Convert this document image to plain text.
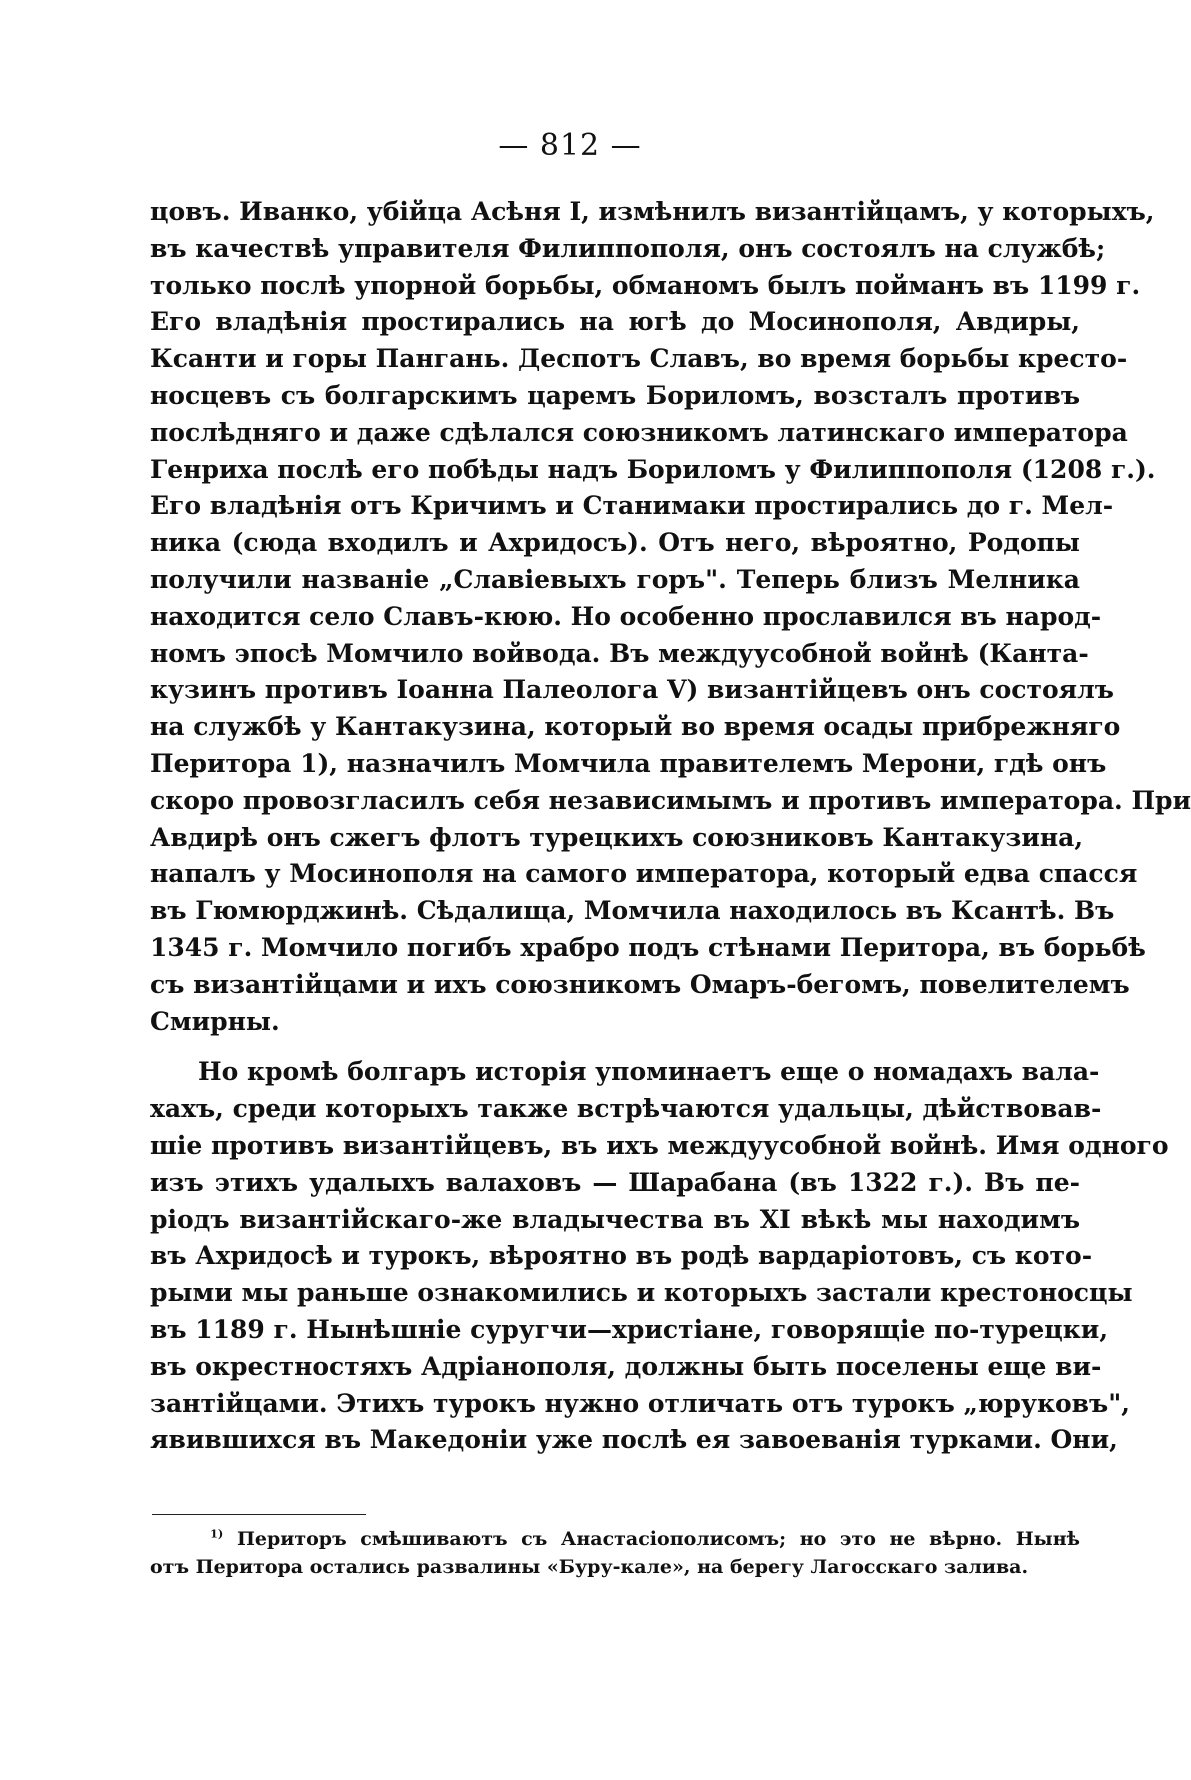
— 812 —
цовъ. Иванко, убійца Асѣня I, измѣнилъ византійцамъ, у которыхъ,
въ качествѣ управителя Филиппополя, онъ состоялъ на службѣ;
только послѣ упорной борьбы, обманомъ былъ пойманъ въ 1199 г.
Его владѣнія простирались на югѣ до Мосинополя, Авдиры,
Ксанти и горы Пангань. Деспотъ Славъ, во время борьбы кресто-
носцевъ съ болгарскимъ царемъ Бориломъ, возсталъ противъ
послѣдняго и даже сдѣлался союзникомъ латинскаго императора
Генриха послѣ его побѣды надъ Бориломъ у Филиппополя (1208 г.).
Его владѣнія отъ Кричимъ и Станимаки простирались до г. Мел-
ника (сюда входилъ и Ахридосъ). Отъ него, вѣроятно, Родопы
получили названіе „Славіевыхъ горъ". Теперь близъ Мелника
находится село Славъ-кюю. Но особенно прославился въ народ-
номъ эпосѣ Момчило войвода. Въ междуусобной войнѣ (Канта-
кузинъ противъ Іоанна Палеолога V) византійцевъ онъ состоялъ
на службѣ у Кантакузина, который во время осады прибрежняго
Перитора 1), назначилъ Момчила правителемъ Мерони, гдѣ онъ
скоро провозгласилъ себя независимымъ и противъ императора. При
Авдирѣ онъ сжегъ флотъ турецкихъ союзниковъ Кантакузина,
напалъ у Мосинополя на самого императора, который едва спасся
въ Гюмюрджинѣ. Сѣдалища, Момчила находилось въ Ксантѣ. Въ
1345 г. Момчило погибъ храбро подъ стѣнами Перитора, въ борьбѣ
съ византійцами и ихъ союзникомъ Омаръ-бегомъ, повелителемъ
Смирны.
Но кромѣ болгаръ исторія упоминаетъ еще о номадахъ вала-
хахъ, среди которыхъ также встрѣчаются удальцы, дѣйствовав-
шіе противъ византійцевъ, въ ихъ междуусобной войнѣ. Имя одного
изъ этихъ удалыхъ валаховъ — Шарабана (въ 1322 г.). Въ пе-
ріодъ византійскаго-же владычества въ XI вѣкѣ мы находимъ
въ Ахридосѣ и турокъ, вѣроятно въ родѣ вардаріотовъ, съ кото-
рыми мы раньше ознакомились и которыхъ застали крестоносцы
въ 1189 г. Нынѣшніе суругчи—христіане, говорящіе по-турецки,
въ окрестностяхъ Адріанополя, должны быть поселены еще ви-
зантійцами. Этихъ турокъ нужно отличать отъ турокъ „юруковъ",
явившихся въ Македоніи уже послѣ ея завоеванія турками. Они,
$^{1)}$ Периторъ смѣшиваютъ съ Анастасіополисомъ; но это не вѣрно. Нынѣ
отъ Перитора остались развалины «Буру-кале», на берегу Лагосскаго залива.
